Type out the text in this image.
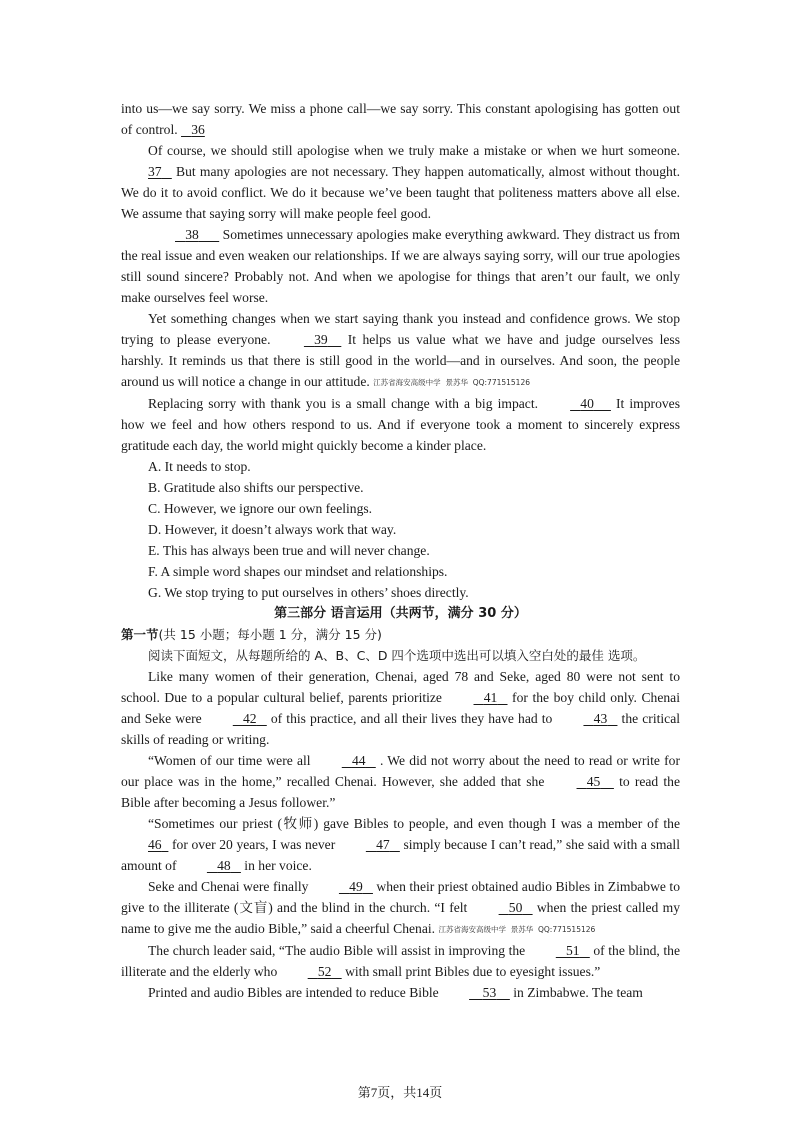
into us—we say sorry. We miss a phone call—we say sorry. This constant apologising has gotten out of control.    36

Of course, we should still apologise when we truly make a mistake or when we hurt someone. 37    But many apologies are not necessary. They happen automatically, almost without thought. We do it to avoid conflict. We do it because we’ve been taught that politeness matters above all else. We assume that saying sorry will make people feel good.

38       Sometimes unnecessary apologies make everything awkward. They distract us from the real issue and even weaken our relationships. If we are always saying sorry, will our true apologies still sound sincere? Probably not. And when we apologise for things that aren’t our fault, we only make ourselves feel worse.

Yet something changes when we start saying thank you instead and confidence grows. We stop trying to please everyone.	39     It helps us value what we have and judge ourselves less harshly. It reminds us that there is still good in the world—and in ourselves. And soon, the people around us will notice a change in our attitude. 江苏省海安高级中学  景苏华  QQ:771515126

Replacing sorry with thank you is a small change with a big impact.	40      It improves how we feel and how others respond to us. And if everyone took a moment to sincerely express gratitude each day, the world might quickly become a kinder place.

A. It needs to stop.

B. Gratitude also shifts our perspective.

C. However, we ignore our own feelings.

D. However, it doesn’t always work that way.

E. This has always been true and will never change.

F. A simple word shapes our mindset and relationships.

G. We stop trying to put ourselves in others’ shoes directly.

第三部分 语言运用（共两节，满分 30 分）

第一节(共 15 小题；每小题 1 分，满分 15 分)

阅读下面短文，从每题所给的 A、B、C、D 四个选项中选出可以填入空白处的最佳 选项。

Like many women of their generation, Chenai, aged 78 and Seke, aged 80 were not sent to school. Due to a popular cultural belief, parents prioritize	41    for the boy child only. Chenai and Seke were	42    of this practice, and all their lives they have had to	43    the critical skills of reading or writing.

“Women of our time were all	44    . We did not worry about the need to read or write for our place was in the home,” recalled Chenai. However, she added that she	45     to read the Bible after becoming a Jesus follower.”

“Sometimes our priest (牧师) gave Bibles to people, and even though I was a member of the 46   for over 20 years, I was never	47    simply because I can’t read,” she said with a small amount of	48    in her voice.

Seke and Chenai were finally	49    when their priest obtained audio Bibles in Zimbabwe to give to the illiterate (文盲) and the blind in the church. “I felt	50    when the priest called my name to give me the audio Bible,” said a cheerful Chenai. 江苏省海安高级中学  景苏华  QQ:771515126

The church leader said, “The audio Bible will assist in improving the	51    of the blind, the illiterate and the elderly who	52    with small print Bibles due to eyesight issues.”

Printed and audio Bibles are intended to reduce Bible	53     in Zimbabwe. The team

第7页，共14页
